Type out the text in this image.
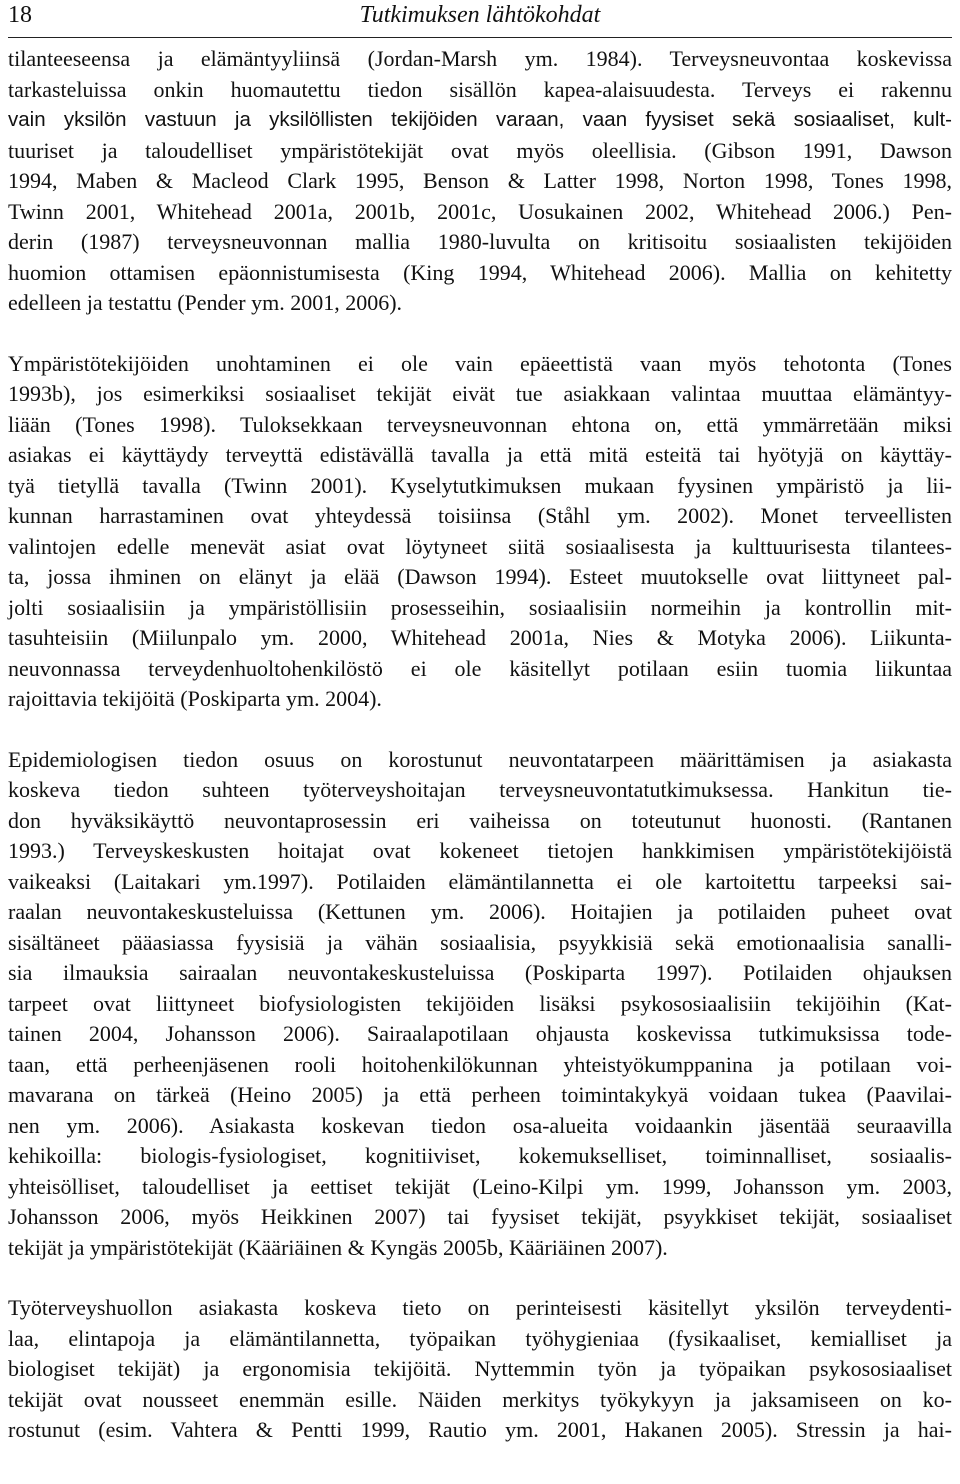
18	Tutkimuksen lähtökohdat

tilanteeseensa ja elämäntyyliinsä (Jordan-Marsh ym. 1984). Terveysneuvontaa koskevissa
tarkasteluissa onkin huomautettu tiedon sisällön kapea-alaisuudesta. Terveys ei rakennu
vain yksilön vastuun ja yksilöllisten tekijöiden varaan, vaan fyysiset sekä sosiaaliset, kult-
tuuriset ja taloudelliset ympäristötekijät ovat myös oleellisia. (Gibson 1991, Dawson
1994, Maben & Macleod Clark 1995, Benson & Latter 1998, Norton 1998, Tones 1998,
Twinn 2001, Whitehead 2001a, 2001b, 2001c, Uosukainen 2002, Whitehead 2006.) Pen-
derin (1987) terveysneuvonnan mallia 1980-luvulta on kritisoitu sosiaalisten tekijöiden
huomion ottamisen epäonnistumisesta (King 1994, Whitehead 2006). Mallia on kehitetty
edelleen ja testattu (Pender ym. 2001, 2006).

Ympäristötekijöiden unohtaminen ei ole vain epäeettistä vaan myös tehotonta (Tones
1993b), jos esimerkiksi sosiaaliset tekijät eivät tue asiakkaan valintaa muuttaa elämäntyy-
liään (Tones 1998). Tuloksekkaan terveysneuvonnan ehtona on, että ymmärretään miksi
asiakas ei käyttäydy terveyttä edistävällä tavalla ja että mitä esteitä tai hyötyjä on käyttäy-
tyä tietyllä tavalla (Twinn 2001). Kyselytutkimuksen mukaan fyysinen ympäristö ja lii-
kunnan harrastaminen ovat yhteydessä toisiinsa (Ståhl ym. 2002). Monet terveellisten
valintojen edelle menevät asiat ovat löytyneet siitä sosiaalisesta ja kulttuurisesta tilantees-
ta, jossa ihminen on elänyt ja elää (Dawson 1994). Esteet muutokselle ovat liittyneet pal-
jolti sosiaalisiin ja ympäristöllisiin prosesseihin, sosiaalisiin normeihin ja kontrollin mit-
tasuhteisiin (Miilunpalo ym. 2000, Whitehead 2001a, Nies & Motyka 2006). Liikunta-
neuvonnassa terveydenhuoltohenkilöstö ei ole käsitellyt potilaan esiin tuomia liikuntaa
rajoittavia tekijöitä (Poskiparta ym. 2004).

Epidemiologisen tiedon osuus on korostunut neuvontatarpeen määrittämisen ja asiakasta
koskeva tiedon suhteen työterveyshoitajan terveysneuvontatutkimuksessa. Hankitun tie-
don hyväksikäyttö neuvontaprosessin eri vaiheissa on toteutunut huonosti. (Rantanen
1993.) Terveyskeskusten hoitajat ovat kokeneet tietojen hankkimisen ympäristötekijöistä
vaikeaksi (Laitakari ym.1997). Potilaiden elämäntilannetta ei ole kartoitettu tarpeeksi sai-
raalan neuvontakeskusteluissa (Kettunen ym. 2006). Hoitajien ja potilaiden puheet ovat
sisältäneet pääasiassa fyysisiä ja vähän sosiaalisia, psyykkisiä sekä emotionaalisia sanalli-
sia ilmauksia sairaalan neuvontakeskusteluissa (Poskiparta 1997). Potilaiden ohjauksen
tarpeet ovat liittyneet biofysiologisten tekijöiden lisäksi psykososiaalisiin tekijöihin (Kat-
tainen 2004, Johansson 2006). Sairaalapotilaan ohjausta koskevissa tutkimuksissa tode-
taan, että perheenjäsenen rooli hoitohenkilökunnan yhteistyökumppanina ja potilaan voi-
mavarana on tärkeä (Heino 2005) ja että perheen toimintakykyä voidaan tukea (Paavilai-
nen ym. 2006). Asiakasta koskevan tiedon osa-alueita voidaankin jäsentää seuraavilla
kehikoilla: biologis-fysiologiset, kognitiiviset, kokemukselliset, toiminnalliset, sosiaalis-
yhteisölliset, taloudelliset ja eettiset tekijät (Leino-Kilpi ym. 1999, Johansson ym. 2003,
Johansson 2006, myös Heikkinen 2007) tai fyysiset tekijät, psyykkiset tekijät, sosiaaliset
tekijät ja ympäristötekijät (Kääriäinen & Kyngäs 2005b, Kääriäinen 2007).

Työterveyshuollon asiakasta koskeva tieto on perinteisesti käsitellyt yksilön terveydenti-
laa, elintapoja ja elämäntilannetta, työpaikan työhygieniaa (fysikaaliset, kemialliset ja
biologiset tekijät) ja ergonomisia tekijöitä. Nyttemmin työn ja työpaikan psykososiaaliset
tekijät ovat nousseet enemmän esille. Näiden merkitys työkykyyn ja jaksamiseen on ko-
rostunut (esim. Vahtera & Pentti 1999, Rautio ym. 2001, Hakanen 2005). Stressin ja hai-
